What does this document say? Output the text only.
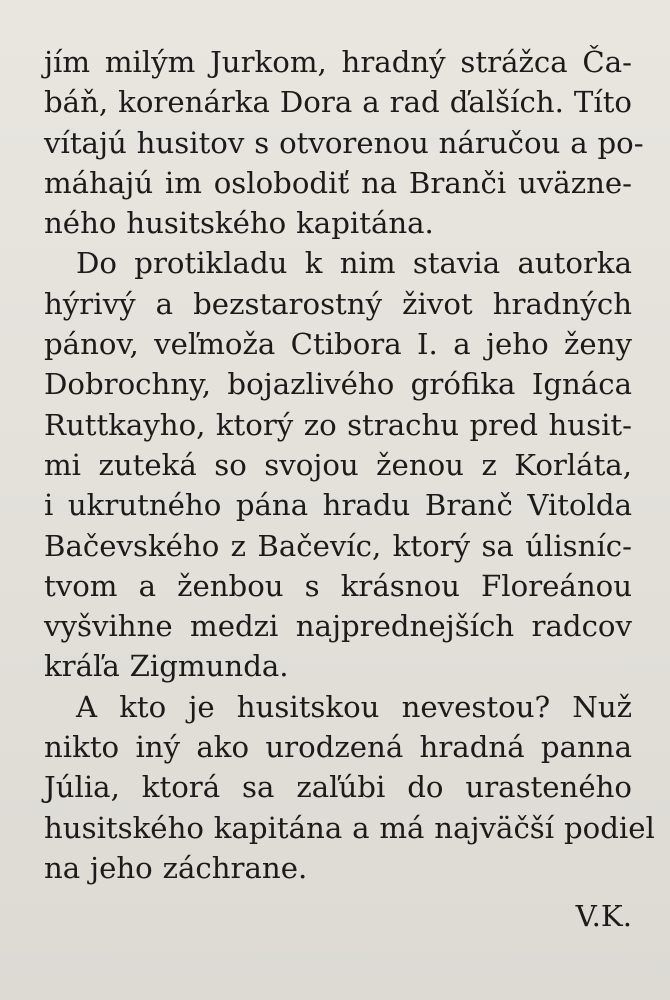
jím milým Jurkom, hradný strážca Ča-
báň, korenárka Dora a rad ďalších. Títo
vítajú husitov s otvorenou náručou a po-
máhajú im oslobodiť na Branči uväzne-
ného husitského kapitána.

Do protikladu k nim stavia autorka
hýrivý a bezstarostný život hradných
pánov, veľmoža Ctibora I. a jeho ženy
Dobrochny, bojazlivého grófika Ignáca
Ruttkayho, ktorý zo strachu pred husit-
mi zuteká so svojou ženou z Korláta,
i ukrutného pána hradu Branč Vitolda
Bačevského z Bačevíc, ktorý sa úlisníc-
tvom a ženbou s krásnou Floreánou
vyšvihne medzi najprednejších radcov
kráľa Zigmunda.

A kto je husitskou nevestou? Nuž
nikto iný ako urodzená hradná panna
Júlia, ktorá sa zaľúbi do urasteného
husitského kapitána a má najväčší podiel
na jeho záchrane.

V.K.
